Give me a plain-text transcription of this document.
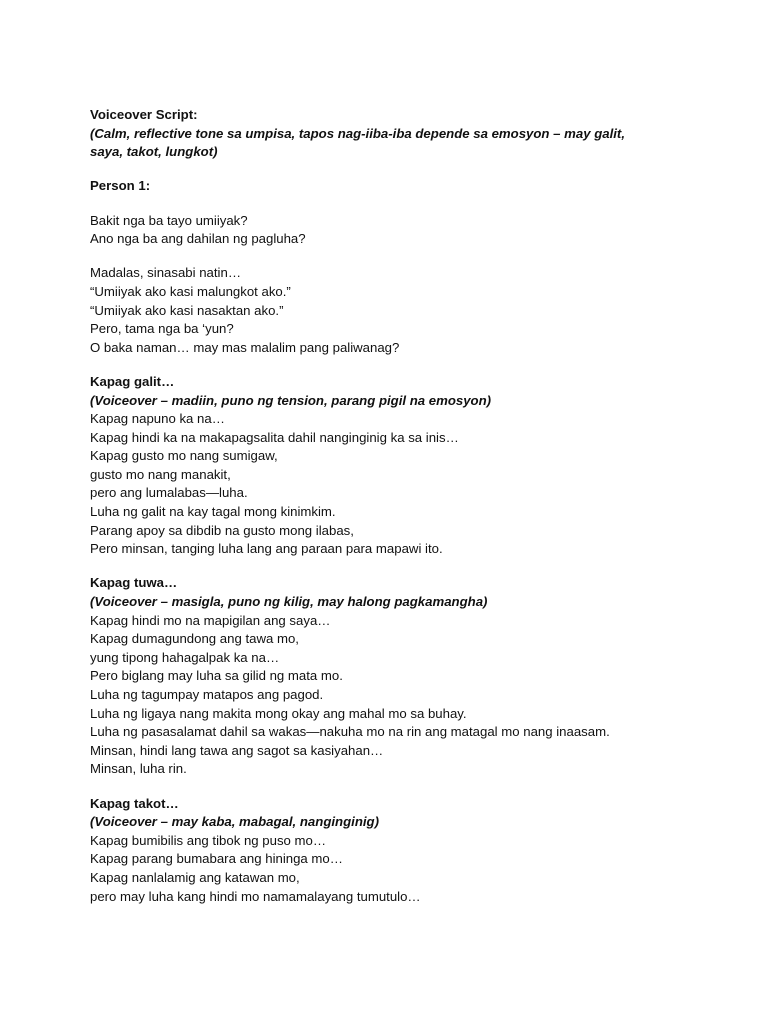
Voiceover Script:
(Calm, reflective tone sa umpisa, tapos nag-iiba-iba depende sa emosyon – may galit,
saya, takot, lungkot)
Person 1:
Bakit nga ba tayo umiiyak?
Ano nga ba ang dahilan ng pagluha?
Madalas, sinasabi natin…
“Umiiyak ako kasi malungkot ako.”
“Umiiyak ako kasi nasaktan ako.”
Pero, tama nga ba ‘yun?
O baka naman… may mas malalim pang paliwanag?
Kapag galit…
(Voiceover – madiin, puno ng tension, parang pigil na emosyon)
Kapag napuno ka na…
Kapag hindi ka na makapagsalita dahil nanginginig ka sa inis…
Kapag gusto mo nang sumigaw,
gusto mo nang manakit,
pero ang lumalabas—luha.
Luha ng galit na kay tagal mong kinimkim.
Parang apoy sa dibdib na gusto mong ilabas,
Pero minsan, tanging luha lang ang paraan para mapawi ito.
Kapag tuwa…
(Voiceover – masigla, puno ng kilig, may halong pagkamangha)
Kapag hindi mo na mapigilan ang saya…
Kapag dumagundong ang tawa mo,
yung tipong hahagalpak ka na…
Pero biglang may luha sa gilid ng mata mo.
Luha ng tagumpay matapos ang pagod.
Luha ng ligaya nang makita mong okay ang mahal mo sa buhay.
Luha ng pasasalamat dahil sa wakas—nakuha mo na rin ang matagal mo nang inaasam.
Minsan, hindi lang tawa ang sagot sa kasiyahan…
Minsan, luha rin.
Kapag takot…
(Voiceover – may kaba, mabagal, nanginginig)
Kapag bumibilis ang tibok ng puso mo…
Kapag parang bumabara ang hininga mo…
Kapag nanlalamig ang katawan mo,
pero may luha kang hindi mo namamalayang tumutulo…
